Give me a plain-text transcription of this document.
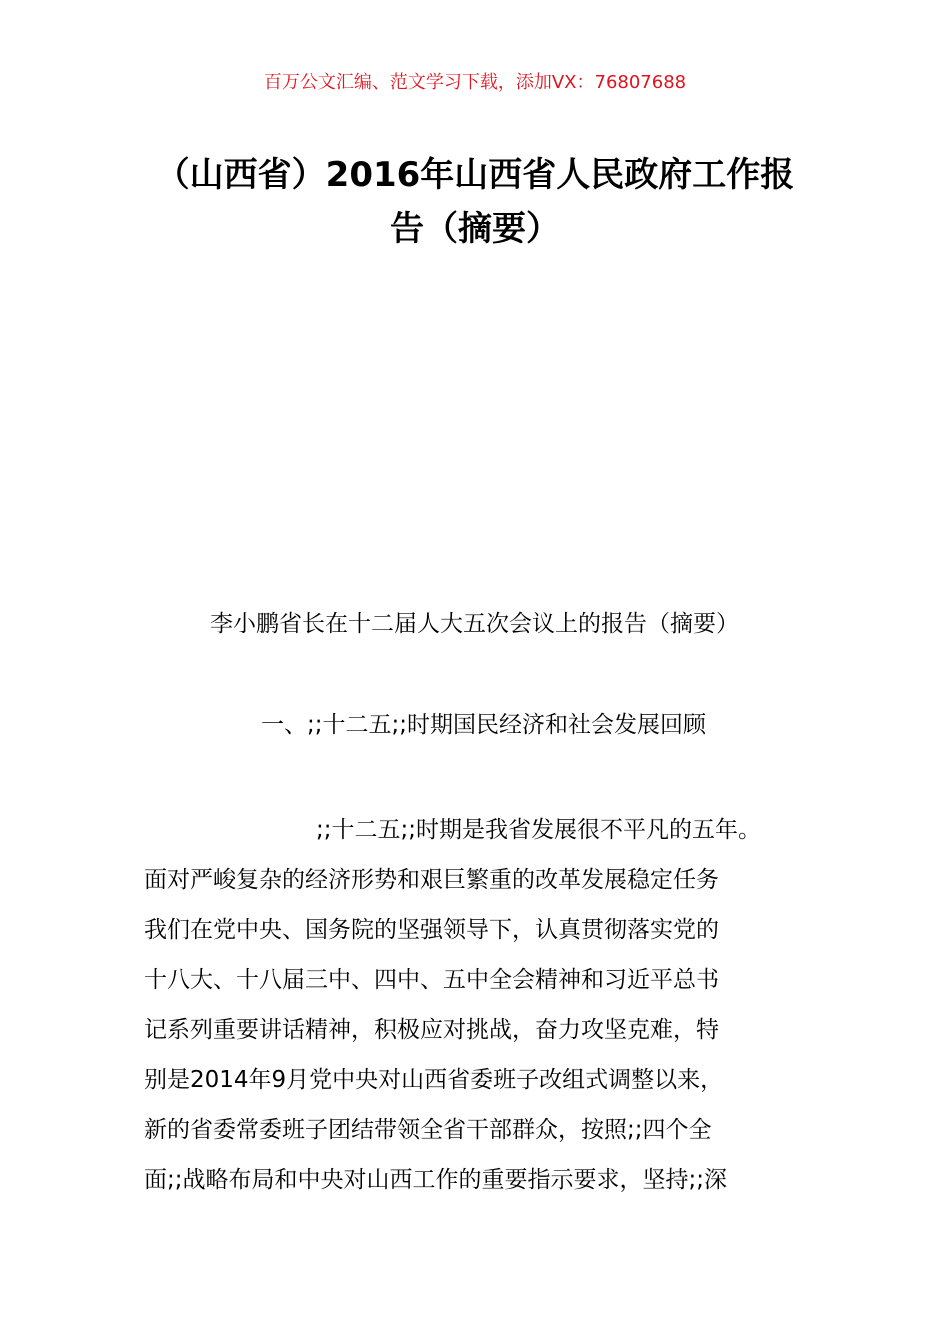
百万公文汇编、范文学习下载，添加VX：76807688
（山西省）2016年山西省人民政府工作报
告（摘要）
李小鹏省长在十二届人大五次会议上的报告（摘要）
一、;;十二五;;时期国民经济和社会发展回顾
;;十二五;;时期是我省发展很不平凡的五年。
面对严峻复杂的经济形势和艰巨繁重的改革发展稳定任务
我们在党中央、国务院的坚强领导下，认真贯彻落实党的
十八大、十八届三中、四中、五中全会精神和习近平总书
记系列重要讲话精神，积极应对挑战，奋力攻坚克难，特
别是2014年9月党中央对山西省委班子改组式调整以来，
新的省委常委班子团结带领全省干部群众，按照;;四个全
面;;战略布局和中央对山西工作的重要指示要求，坚持;;深
